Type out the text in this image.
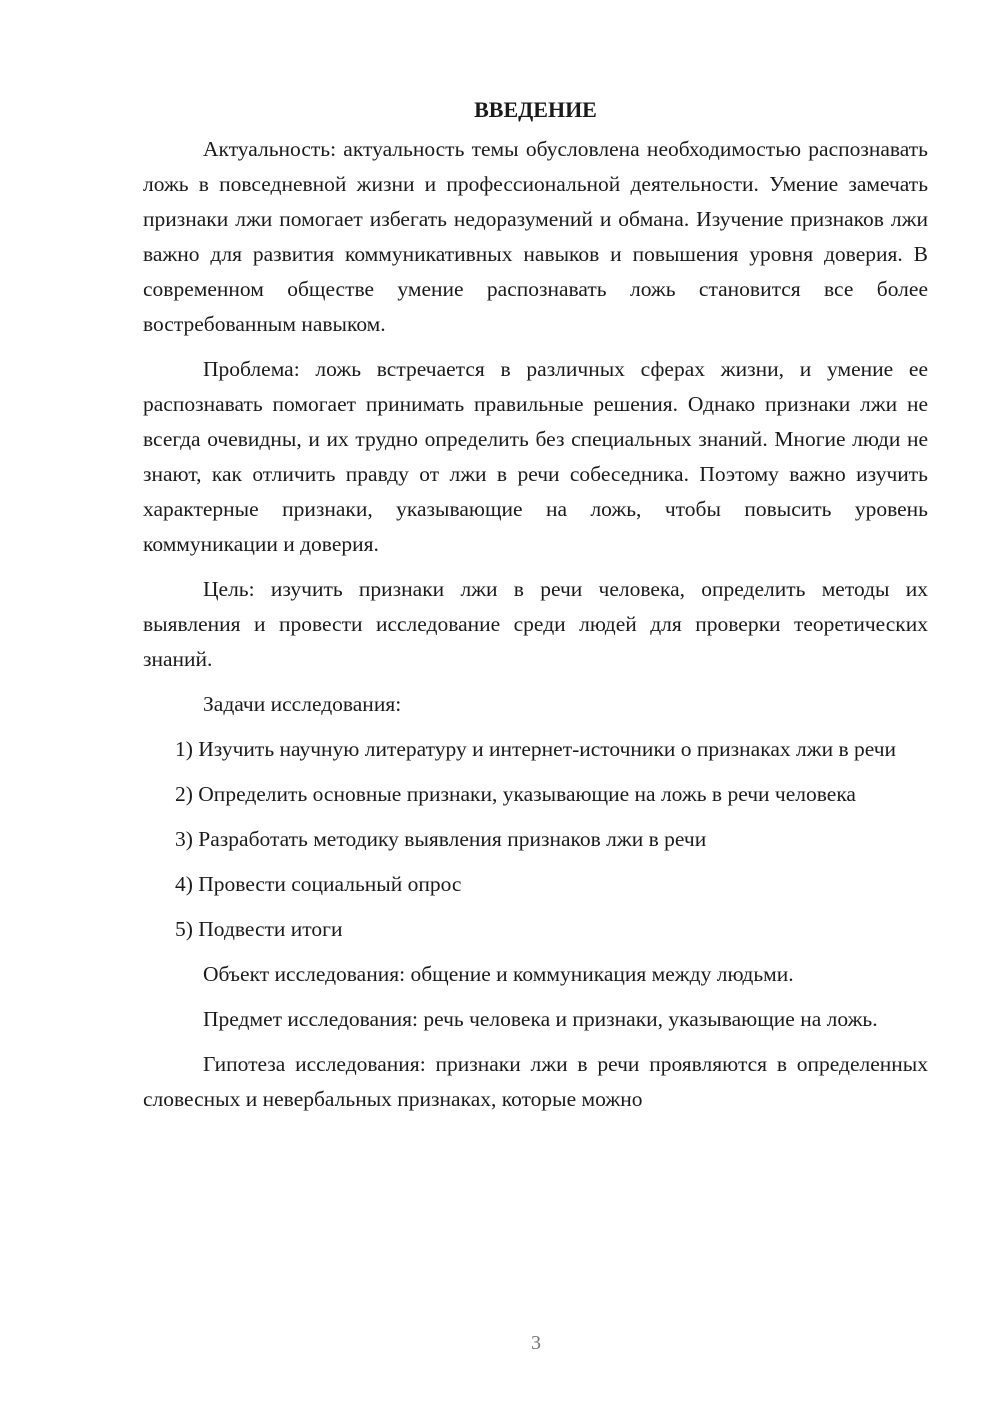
ВВЕДЕНИЕ

Актуальность: актуальность темы обусловлена необходимостью распознавать ложь в повседневной жизни и профессиональной деятельности. Умение замечать признаки лжи помогает избегать недоразумений и обмана. Изучение признаков лжи важно для развития коммуникативных навыков и повышения уровня доверия. В современном обществе умение распознавать ложь становится все более востребованным навыком.

Проблема: ложь встречается в различных сферах жизни, и умение ее распознавать помогает принимать правильные решения. Однако признаки лжи не всегда очевидны, и их трудно определить без специальных знаний. Многие люди не знают, как отличить правду от лжи в речи собеседника. Поэтому важно изучить характерные признаки, указывающие на ложь, чтобы повысить уровень коммуникации и доверия.

Цель: изучить признаки лжи в речи человека, определить методы их выявления и провести исследование среди людей для проверки теоретических знаний.

Задачи исследования:

1) Изучить научную литературу и интернет-источники о признаках лжи в речи

2) Определить основные признаки, указывающие на ложь в речи человека

3) Разработать методику выявления признаков лжи в речи

4) Провести социальный опрос

5) Подвести итоги

Объект исследования: общение и коммуникация между людьми.

Предмет исследования: речь человека и признаки, указывающие на ложь.

Гипотеза исследования: признаки лжи в речи проявляются в определенных словесных и невербальных признаках, которые можно

3
